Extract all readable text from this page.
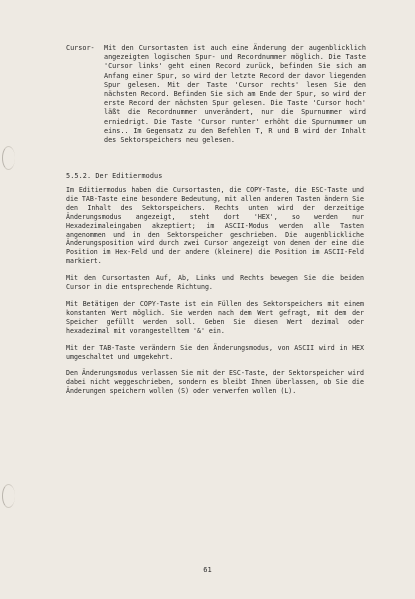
Cursor- Mit den Cursortasten ist auch eine Änderung der augenblicklich angezeigten logischen Spur- und Recordnummer möglich. Die Taste 'Cursor links' geht einen Record zurück, befinden Sie sich am Anfang einer Spur, so wird der letzte Record der davor liegenden Spur gelesen. Mit der Taste 'Cursor rechts' lesen Sie den nächsten Record. Befinden Sie sich am Ende der Spur, so wird der erste Record der nächsten Spur gelesen. Die Taste 'Cursor hoch' läßt die Recordnummer unverändert, nur die Spurnummer wird erniedrigt. Die Taste 'Cursor runter' erhöht die Spurnummer um eins.. Im Gegensatz zu den Befehlen T, R und B wird der Inhalt des Sektorspeichers neu gelesen.
5.5.2. Der Editiermodus

Im Editiermodus haben die Cursortasten, die COPY-Taste, die ESC-Taste und die TAB-Taste eine besondere Bedeutung, mit allen anderen Tasten ändern Sie den Inhalt des Sektorspeichers. Rechts unten wird der derzeitige Änderungsmodus angezeigt, steht dort 'HEX', so werden nur Hexadezimaleingaben akzeptiert; im ASCII-Modus werden alle Tasten angenommen und in den Sektorspeicher geschrieben. Die augenblickliche Änderungsposition wird durch zwei Cursor angezeigt von denen der eine die Position im Hex-Feld und der andere (kleinere) die Position im ASCII-Feld markiert.

Mit den Cursortasten Auf, Ab, Links und Rechts bewegen Sie die beiden Cursor in die entsprechende Richtung.

Mit Betätigen der COPY-Taste ist ein Füllen des Sektorspeichers mit einem konstanten Wert möglich. Sie werden nach dem Wert gefragt, mit dem der Speicher gefüllt werden soll. Geben Sie diesen Wert dezimal oder hexadezimal mit vorangestelltem '&' ein.

Mit der TAB-Taste verändern Sie den Änderungsmodus, von ASCII wird in HEX umgeschaltet und umgekehrt.

Den Änderungsmodus verlassen Sie mit der ESC-Taste, der Sektorspeicher wird dabei nicht weggeschrieben, sondern es bleibt Ihnen überlassen, ob Sie die Änderungen speichern wollen (S) oder verwerfen wollen (L).

61
